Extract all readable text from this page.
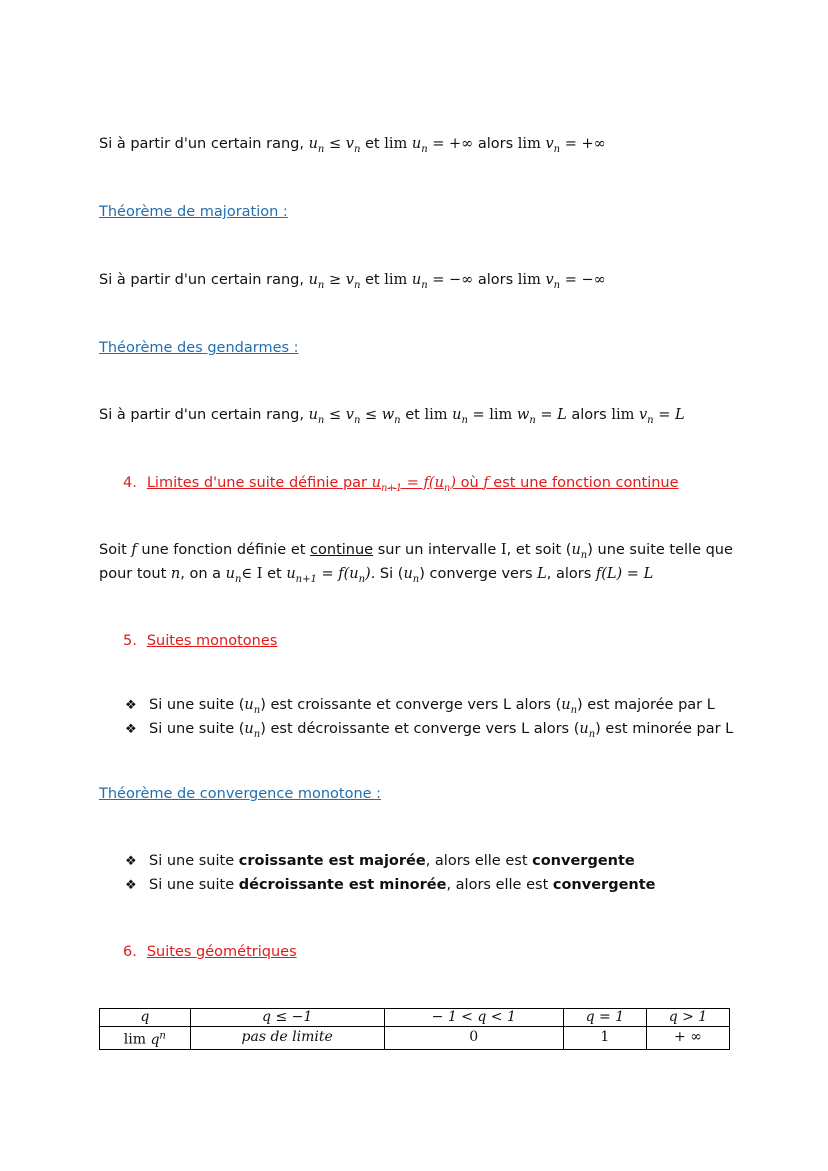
Si à partir d'un certain rang, $u_n \le v_n$ et $\lim u_n$ = +∞ alors $\lim v_n$ = +∞
Théorème de majoration :
Si à partir d'un certain rang, $u_n \ge v_n$ et $\lim u_n$ = −∞ alors $\lim v_n$ = −∞
Théorème des gendarmes :
Si à partir d'un certain rang, $u_n \le v_n \le w_n$ et $\lim u_n = \lim w_n = L$ alors $\lim v_n = L$
4. Limites d'une suite définie par $u_{n+1} = f(u_n)$ où f est une fonction continue
Soit f une fonction définie et continue sur un intervalle I, et soit $(u_n)$ une suite telle que
pour tout n, on a $u_n\in$ I et $u_{n+1} = f(u_n)$. Si $(u_n)$ converge vers L, alors f(L) = L
5. Suites monotones
❖ Si une suite $(u_n)$ est croissante et converge vers L alors $(u_n)$ est majorée par L
❖ Si une suite $(u_n)$ est décroissante et converge vers L alors $(u_n)$ est minorée par L
Théorème de convergence monotone :
❖ Si une suite croissante est majorée, alors elle est convergente
❖ Si une suite décroissante est minorée, alors elle est convergente
6. Suites géométriques
q	q ≤ −1	− 1 < q < 1	q = 1	q > 1
$\lim q^n$	pas de limite	0	1	+ ∞
